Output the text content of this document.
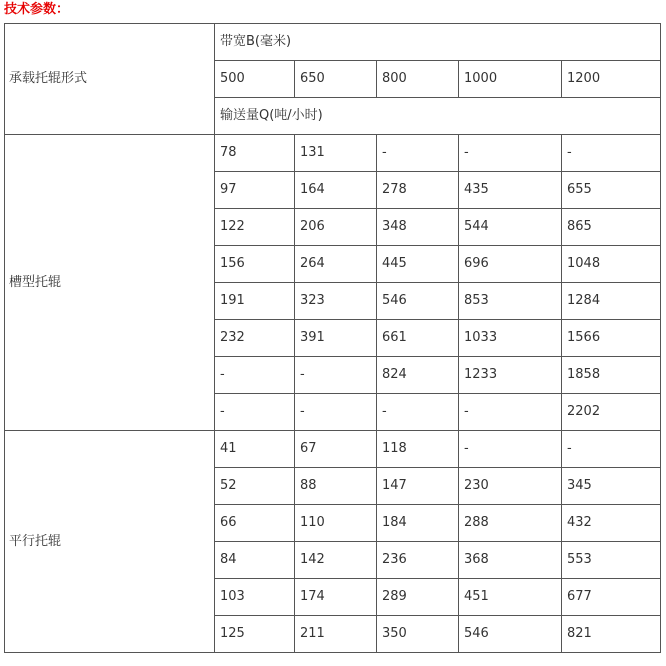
技术参数：
承载托辊形式	带宽B(毫米)				
	500	650	800	1000	1200
	输送量Q(吨/小时)				
槽型托辊	78	131	-	-	-
	97	164	278	435	655
	122	206	348	544	865
	156	264	445	696	1048
	191	323	546	853	1284
	232	391	661	1033	1566
	-	-	824	1233	1858
	-	-	-	-	2202
平行托辊	41	67	118	-	-
	52	88	147	230	345
	66	110	184	288	432
	84	142	236	368	553
	103	174	289	451	677
	125	211	350	546	821
